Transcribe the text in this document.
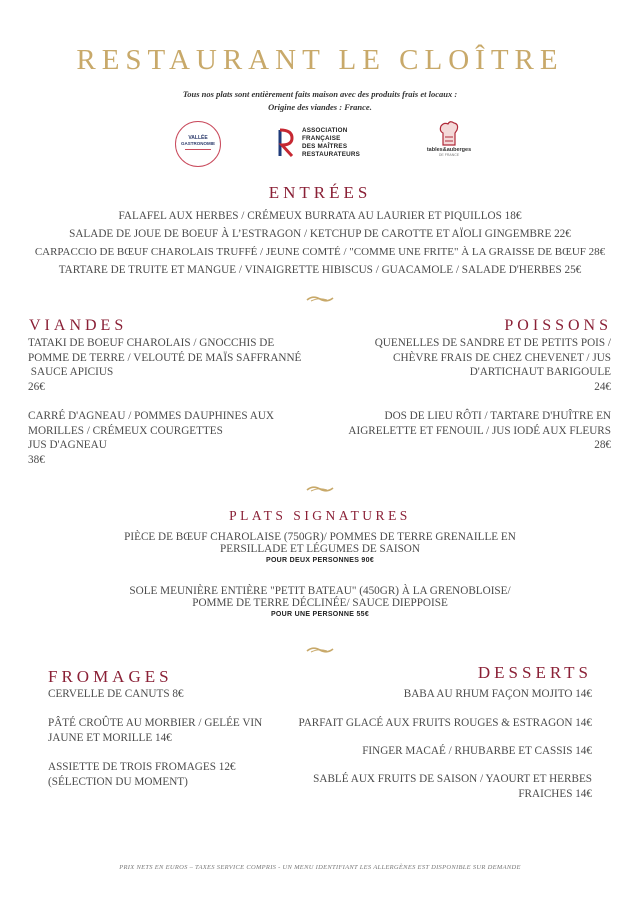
RESTAURANT LE CLOÎTRE
Tous nos plats sont entièrement faits maison avec des produits frais et locaux :
Origine des viandes : France.
VALLÉE
GASTRONOMIE
ASSOCIATION
FRANÇAISE
DES MAÎTRES
RESTAURATEURS
tables&auberges
DE FRANCE
ENTRÉES
FALAFEL AUX HERBES / CRÉMEUX BURRATA AU LAURIER ET PIQUILLOS 18€
SALADE DE JOUE DE BOEUF À L’ESTRAGON / KETCHUP DE CAROTTE ET AÏOLI GINGEMBRE 22€
CARPACCIO DE BŒUF CHAROLAIS TRUFFÉ / JEUNE COMTÉ / "COMME UNE FRITE" À LA GRAISSE DE BŒUF 28€
TARTARE DE TRUITE ET MANGUE / VINAIGRETTE HIBISCUS / GUACAMOLE / SALADE D'HERBES 25€
VIANDES
TATAKI DE BOEUF CHAROLAIS / GNOCCHIS DE
POMME DE TERRE / VELOUTÉ DE MAÏS SAFFRANNÉ
SAUCE APICIUS
26€
CARRÉ D'AGNEAU / POMMES DAUPHINES AUX
MORILLES / CRÉMEUX COURGETTES
JUS D'AGNEAU
38€
POISSONS
QUENELLES DE SANDRE ET DE PETITS POIS /
CHÈVRE FRAIS DE CHEZ CHEVENET / JUS
D'ARTICHAUT BARIGOULE
24€
DOS DE LIEU RÔTI / TARTARE D'HUÎTRE EN
AIGRELETTE ET FENOUIL / JUS IODÉ AUX FLEURS
28€
PLATS SIGNATURES
PIÈCE DE BŒUF CHAROLAISE (750GR)/ POMMES DE TERRE GRENAILLE EN
PERSILLADE ET LÉGUMES DE SAISON
POUR DEUX PERSONNES 90€
SOLE MEUNIÈRE ENTIÈRE "PETIT BATEAU" (450GR) À LA GRENOBLOISE/
POMME DE TERRE DÉCLINÉE/ SAUCE DIEPPOISE
POUR UNE PERSONNE 55€
FROMAGES
CERVELLE DE CANUTS 8€
PÂTÉ CROÛTE AU MORBIER / GELÉE VIN
JAUNE ET MORILLE 14€
ASSIETTE DE TROIS FROMAGES 12€
(SÉLECTION DU MOMENT)
DESSERTS
BABA AU RHUM FAÇON MOJITO 14€
PARFAIT GLACÉ AUX FRUITS ROUGES & ESTRAGON 14€
FINGER MACAÉ / RHUBARBE ET CASSIS 14€
SABLÉ AUX FRUITS DE SAISON / YAOURT ET HERBES
FRAICHES 14€
PRIX NETS EN EUROS – TAXES SERVICE COMPRIS - UN MENU IDENTIFIANT LES ALLERGÈNES EST DISPONIBLE SUR DEMANDE
